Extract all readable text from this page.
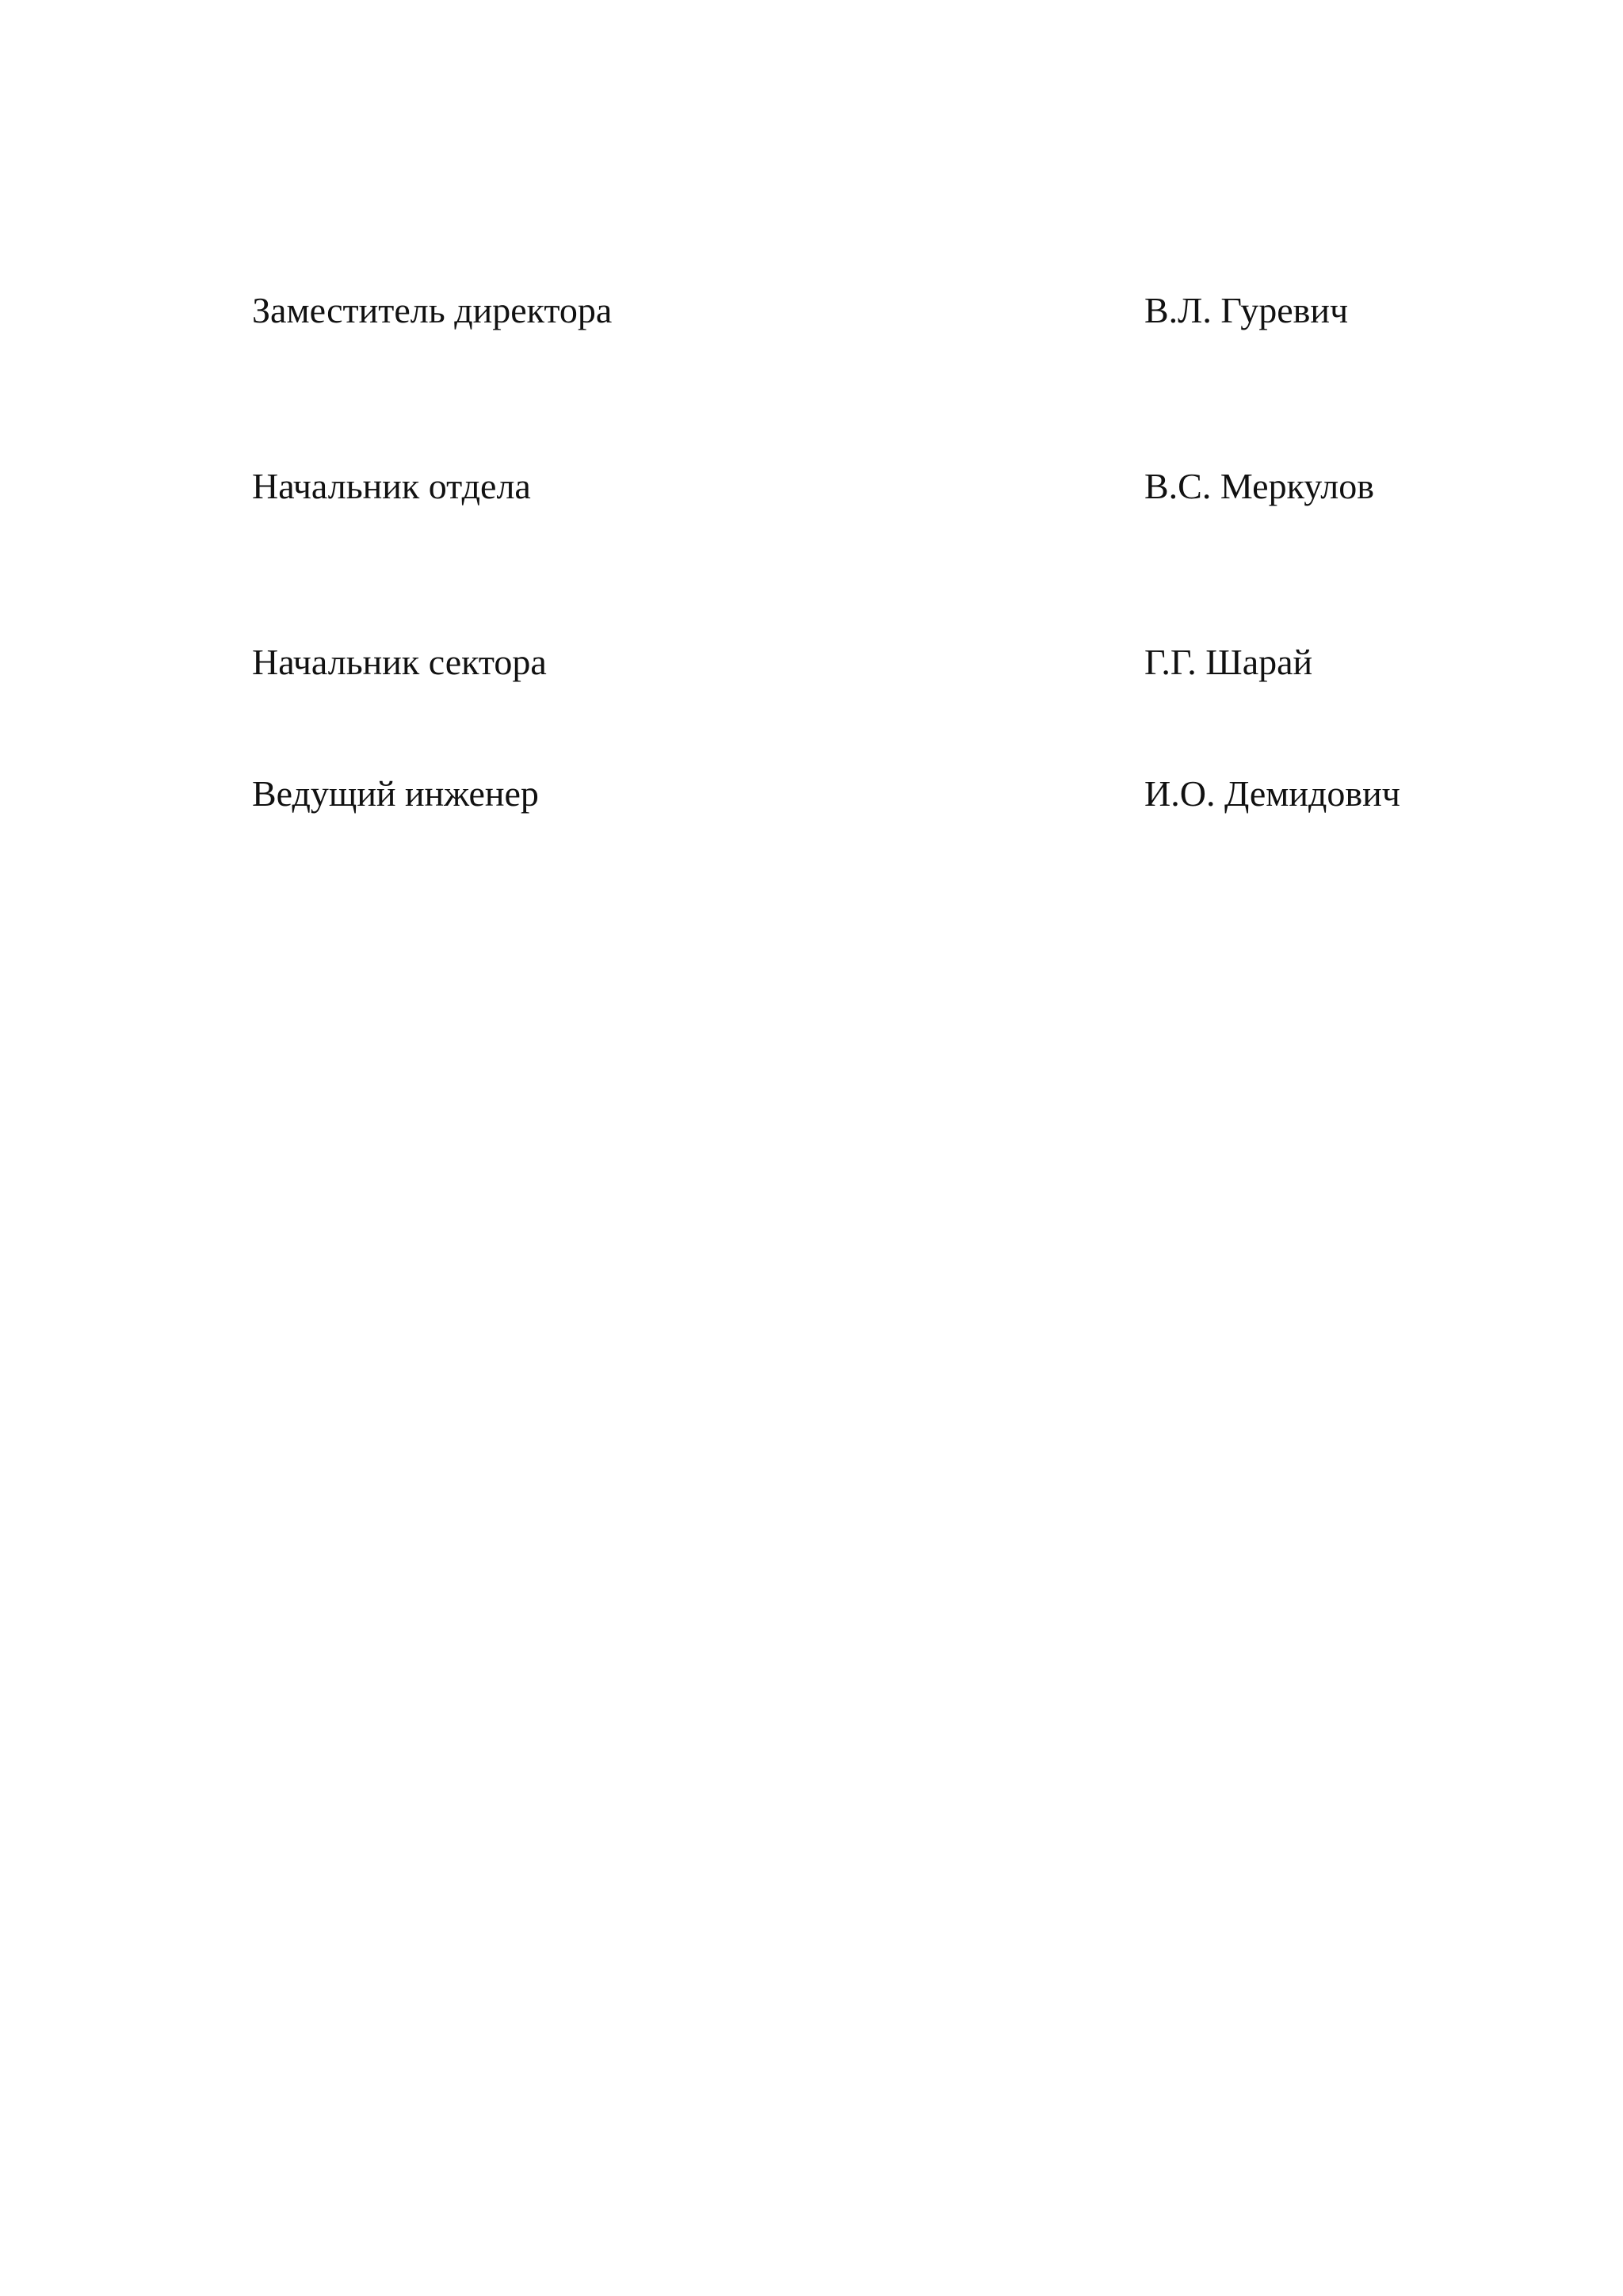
Заместитель директора	В.Л. Гуревич
Начальник отдела	В.С. Меркулов
Начальник сектора	Г.Г. Шарай
Ведущий инженер	И.О. Демидович
